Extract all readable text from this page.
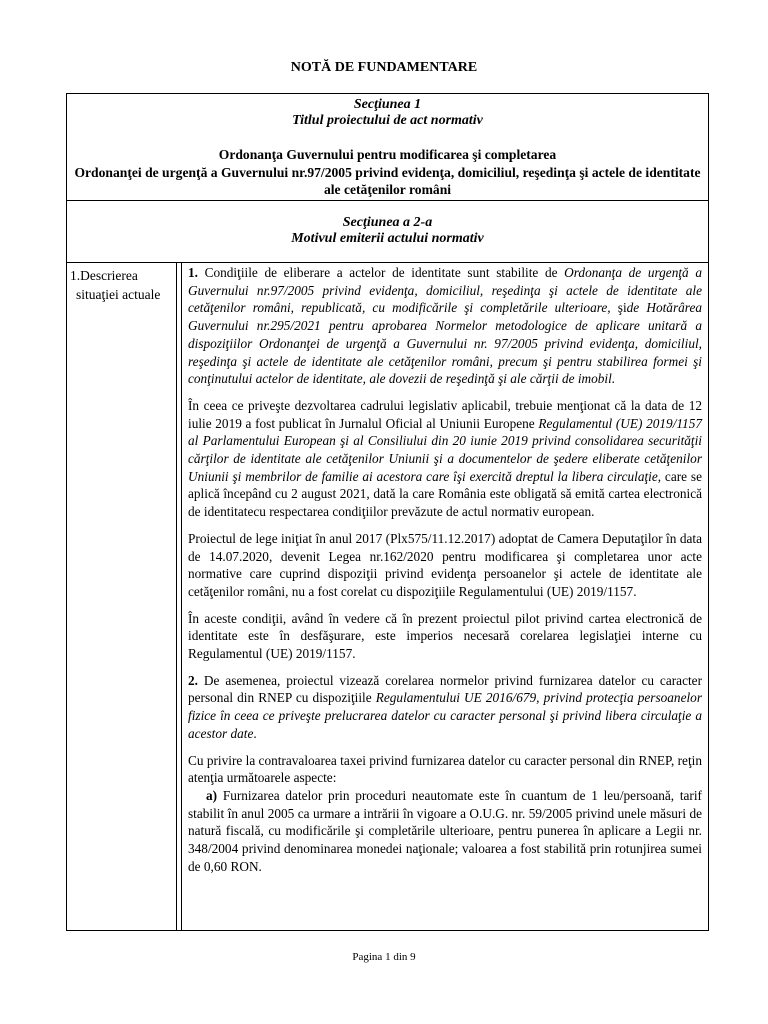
NOTĂ DE FUNDAMENTARE
Secţiunea 1
Titlul proiectului de act normativ
Ordonanţa Guvernului pentru modificarea şi completarea
Ordonanţei de urgenţă a Guvernului nr.97/2005 privind evidenţa, domiciliul, reşedinţa şi actele de identitate ale cetăţenilor români
Secţiunea a 2-a
Motivul emiterii actului normativ
1.Descrierea
situaţiei actuale

1. Condiţiile de eliberare a actelor de identitate sunt stabilite de Ordonanţa de urgenţă a Guvernului nr.97/2005 privind evidenţa, domiciliul, reşedinţa şi actele de identitate ale cetăţenilor români, republicată, cu modificările şi completările ulterioare, şide Hotărârea Guvernului nr.295/2021 pentru aprobarea Normelor metodologice de aplicare unitară a dispoziţiilor Ordonanţei de urgenţă a Guvernului nr. 97/2005 privind evidenţa, domiciliul, reşedinţa şi actele de identitate ale cetăţenilor români, precum şi pentru stabilirea formei şi conţinutului actelor de identitate, ale dovezii de reşedinţă şi ale cărţii de imobil.

În ceea ce priveşte dezvoltarea cadrului legislativ aplicabil, trebuie menţionat că la data de 12 iulie 2019 a fost publicat în Jurnalul Oficial al Uniunii Europene Regulamentul (UE) 2019/1157 al Parlamentului European şi al Consiliului din 20 iunie 2019 privind consolidarea securităţii cărţilor de identitate ale cetăţenilor Uniunii şi a documentelor de şedere eliberate cetăţenilor Uniunii şi membrilor de familie ai acestora care îşi exercită dreptul la libera circulaţie, care se aplică începând cu 2 august 2021, dată la care România este obligată să emită cartea electronică de identitatecu respectarea condiţiilor prevăzute de actul normativ european.

Proiectul de lege iniţiat în anul 2017 (Plx575/11.12.2017) adoptat de Camera Deputaţilor în data de 14.07.2020, devenit Legea nr.162/2020 pentru modificarea şi completarea unor acte normative care cuprind dispoziţii privind evidenţa persoanelor şi actele de identitate ale cetăţenilor români, nu a fost corelat cu dispoziţiile Regulamentului (UE) 2019/1157.

În aceste condiţii, având în vedere că în prezent proiectul pilot privind cartea electronică de identitate este în desfăşurare, este imperios necesară corelarea legislaţiei interne cu Regulamentul (UE) 2019/1157.

2. De asemenea, proiectul vizează corelarea normelor privind furnizarea datelor cu caracter personal din RNEP cu dispoziţiile Regulamentului UE 2016/679, privind protecţia persoanelor fizice în ceea ce priveşte prelucrarea datelor cu caracter personal şi privind libera circulaţie a acestor date.

Cu privire la contravaloarea taxei privind furnizarea datelor cu caracter personal din RNEP, reţin atenţia următoarele aspecte:

a) Furnizarea datelor prin proceduri neautomate este în cuantum de 1 leu/persoană, tarif stabilit în anul 2005 ca urmare a intrării în vigoare a O.U.G. nr. 59/2005 privind unele măsuri de natură fiscală, cu modificările şi completările ulterioare, pentru punerea în aplicare a Legii nr. 348/2004 privind denominarea monedei naţionale; valoarea a fost stabilită prin rotunjirea sumei de 0,60 RON.

Pagina 1 din 9
